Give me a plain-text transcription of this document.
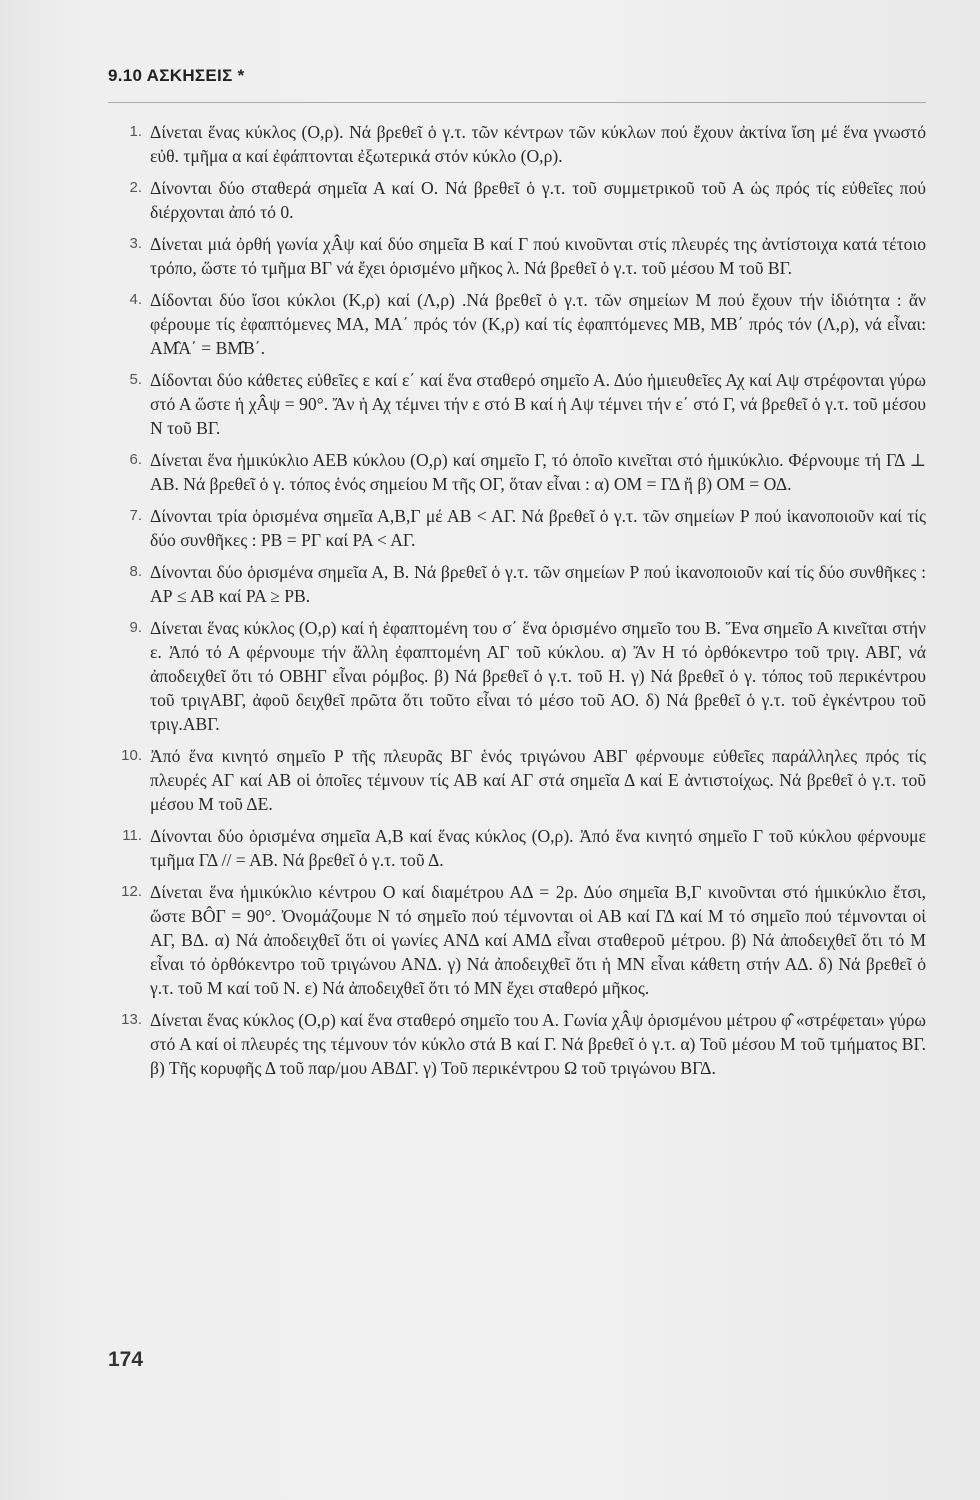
9.10 ΑΣΚΗΣΕΙΣ *
1. Δίνεται ἕνας κύκλος (Ο,ρ). Νά βρεθεῖ ὁ γ.τ. τῶν κέντρων τῶν κύκλων πού ἔχουν ἀκτίνα ἴση μέ ἕνα γνωστό εὐθ. τμῆμα α καί ἐφάπτονται ἐξωτερικά στόν κύκλο (Ο,ρ).
2. Δίνονται δύο σταθερά σημεῖα Α καί Ο. Νά βρεθεῖ ὁ γ.τ. τοῦ συμμετρικοῦ τοῦ Α ὡς πρός τίς εὐθεῖες πού διέρχονται ἀπό τό 0.
3. Δίνεται μιά ὀρθή γωνία χÂψ καί δύο σημεῖα Β καί Γ πού κινοῦνται στίς πλευρές της ἀντίστοιχα κατά τέτοιο τρόπο, ὥστε τό τμῆμα ΒΓ νά ἔχει ὁρισμένο μῆκος λ. Νά βρεθεῖ ὁ γ.τ. τοῦ μέσου Μ τοῦ ΒΓ.
4. Δίδονται δύο ἴσοι κύκλοι (Κ,ρ) καί (Λ,ρ) .Νά βρεθεῖ ὁ γ.τ. τῶν σημείων Μ πού ἔχουν τήν ἰδιότητα : ἄν φέρουμε τίς ἐφαπτόμενες ΜΑ, ΜΑ΄ πρός τόν (Κ,ρ) καί τίς ἐφαπτόμενες ΜΒ, ΜΒ΄ πρός τόν (Λ,ρ), νά εἶναι: ΑΜ̂Α΄ = ΒΜ̂Β΄.
5. Δίδονται δύο κάθετες εὐθεῖες ε καί ε΄ καί ἕνα σταθερό σημεῖο Α. Δύο ἡμιευθεῖες Αχ καί Αψ στρέφονται γύρω στό Α ὥστε ἡ χÂψ = 90°. Ἄν ἡ Αχ τέμνει τήν ε στό Β καί ἡ Αψ τέμνει τήν ε΄ στό Γ, νά βρεθεῖ ὁ γ.τ. τοῦ μέσου Ν τοῦ ΒΓ.
6. Δίνεται ἕνα ἡμικύκλιο ΑΕΒ κύκλου (Ο,ρ) καί σημεῖο Γ, τό ὁποῖο κινεῖται στό ἡμικύκλιο. Φέρνουμε τή ΓΔ ⊥ ΑΒ. Νά βρεθεῖ ὁ γ. τόπος ἑνός σημείου Μ τῆς ΟΓ, ὅταν εἶναι : α) ΟΜ = ΓΔ ἤ β) ΟΜ = ΟΔ.
7. Δίνονται τρία ὁρισμένα σημεῖα Α,Β,Γ μέ ΑΒ < ΑΓ. Νά βρεθεῖ ὁ γ.τ. τῶν σημείων Ρ πού ἱκανοποιοῦν καί τίς δύο συνθῆκες : ΡΒ = ΡΓ καί ΡΑ < ΑΓ.
8. Δίνονται δύο ὁρισμένα σημεῖα Α, Β. Νά βρεθεῖ ὁ γ.τ. τῶν σημείων Ρ πού ἱκανοποιοῦν καί τίς δύο συνθῆκες : ΑΡ ≤ ΑΒ καί ΡΑ ≥ ΡΒ.
9. Δίνεται ἕνας κύκλος (Ο,ρ) καί ἡ ἐφαπτομένη του σ΄ ἕνα ὁρισμένο σημεῖο του Β. Ἕνα σημεῖο Α κινεῖται στήν ε. Ἀπό τό Α φέρνουμε τήν ἄλλη ἐφαπτομένη ΑΓ τοῦ κύκλου. α) Ἄν Η τό ὀρθόκεντρο τοῦ τριγ. ΑΒΓ, νά ἀποδειχθεῖ ὅτι τό ΟΒΗΓ εἶναι ρόμβος. β) Νά βρεθεῖ ὁ γ.τ. τοῦ Η. γ) Νά βρεθεῖ ὁ γ. τόπος τοῦ περικέντρου τοῦ τριγΑΒΓ, ἀφοῦ δειχθεῖ πρῶτα ὅτι τοῦτο εἶναι τό μέσο τοῦ ΑΟ. δ) Νά βρεθεῖ ὁ γ.τ. τοῦ ἐγκέντρου τοῦ τριγ.ΑΒΓ.
10. Ἀπό ἕνα κινητό σημεῖο Ρ τῆς πλευρᾶς ΒΓ ἑνός τριγώνου ΑΒΓ φέρνουμε εὐθεῖες παράλληλες πρός τίς πλευρές ΑΓ καί ΑΒ οἱ ὁποῖες τέμνουν τίς ΑΒ καί ΑΓ στά σημεῖα Δ καί Ε ἀντιστοίχως. Νά βρεθεῖ ὁ γ.τ. τοῦ μέσου Μ τοῦ ΔΕ.
11. Δίνονται δύο ὁρισμένα σημεῖα Α,Β καί ἕνας κύκλος (Ο,ρ). Ἀπό ἕνα κινητό σημεῖο Γ τοῦ κύκλου φέρνουμε τμῆμα ΓΔ // = ΑΒ. Νά βρεθεῖ ὁ γ.τ. τοῦ Δ.
12. Δίνεται ἕνα ἡμικύκλιο κέντρου Ο καί διαμέτρου ΑΔ = 2ρ. Δύο σημεῖα Β,Γ κινοῦνται στό ἡμικύκλιο ἔτσι, ὥστε ΒÔΓ = 90°. Ὀνομάζουμε Ν τό σημεῖο πού τέμνονται οἱ ΑΒ καί ΓΔ καί Μ τό σημεῖο πού τέμνονται οἱ ΑΓ, ΒΔ. α) Νά ἀποδειχθεῖ ὅτι οἱ γωνίες ΑΝΔ καί ΑΜΔ εἶναι σταθεροῦ μέτρου. β) Νά ἀποδειχθεῖ ὅτι τό Μ εἶναι τό ὀρθόκεντρο τοῦ τριγώνου ΑΝΔ. γ) Νά ἀποδειχθεῖ ὅτι ἡ ΜΝ εἶναι κάθετη στήν ΑΔ. δ) Νά βρεθεῖ ὁ γ.τ. τοῦ Μ καί τοῦ Ν. ε) Νά ἀποδειχθεῖ ὅτι τό ΜΝ ἔχει σταθερό μῆκος.
13. Δίνεται ἕνας κύκλος (Ο,ρ) καί ἕνα σταθερό σημεῖο του Α. Γωνία χÂψ ὁρισμένου μέτρου φ̂ «στρέφεται» γύρω στό Α καί οἱ πλευρές της τέμνουν τόν κύκλο στά Β καί Γ. Νά βρεθεῖ ὁ γ.τ. α) Τοῦ μέσου Μ τοῦ τμήματος ΒΓ. β) Τῆς κορυφῆς Δ τοῦ παρ/μου ΑΒΔΓ. γ) Τοῦ περικέντρου Ω τοῦ τριγώνου ΒΓΔ.
174
